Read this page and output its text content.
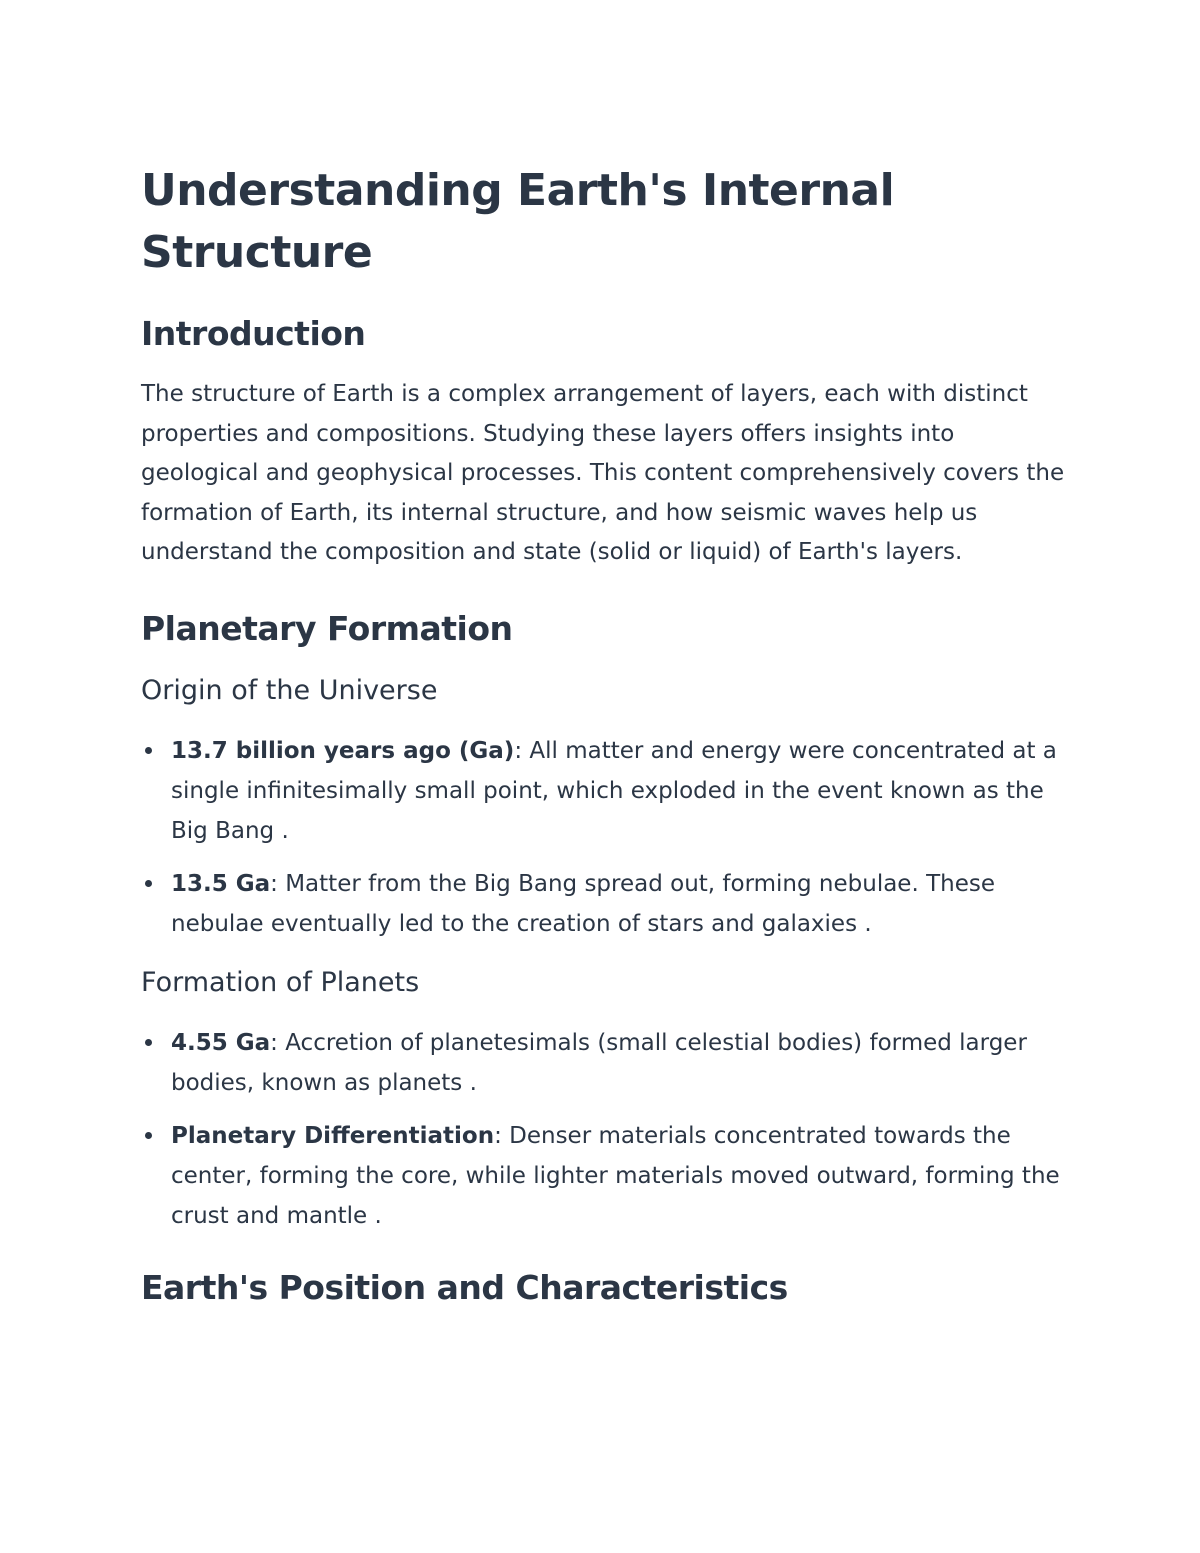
Understanding Earth's Internal Structure
Introduction

The structure of Earth is a complex arrangement of layers, each with distinct properties and compositions. Studying these layers offers insights into geological and geophysical processes. This content comprehensively covers the formation of Earth, its internal structure, and how seismic waves help us understand the composition and state (solid or liquid) of Earth's layers.

Planetary Formation
Origin of the Universe
13.7 billion years ago (Ga): All matter and energy were concentrated at a single infinitesimally small point, which exploded in the event known as the Big Bang .
13.5 Ga: Matter from the Big Bang spread out, forming nebulae. These nebulae eventually led to the creation of stars and galaxies .
Formation of Planets
4.55 Ga: Accretion of planetesimals (small celestial bodies) formed larger bodies, known as planets .
Planetary Differentiation: Denser materials concentrated towards the center, forming the core, while lighter materials moved outward, forming the crust and mantle .
Earth's Position and Characteristics
